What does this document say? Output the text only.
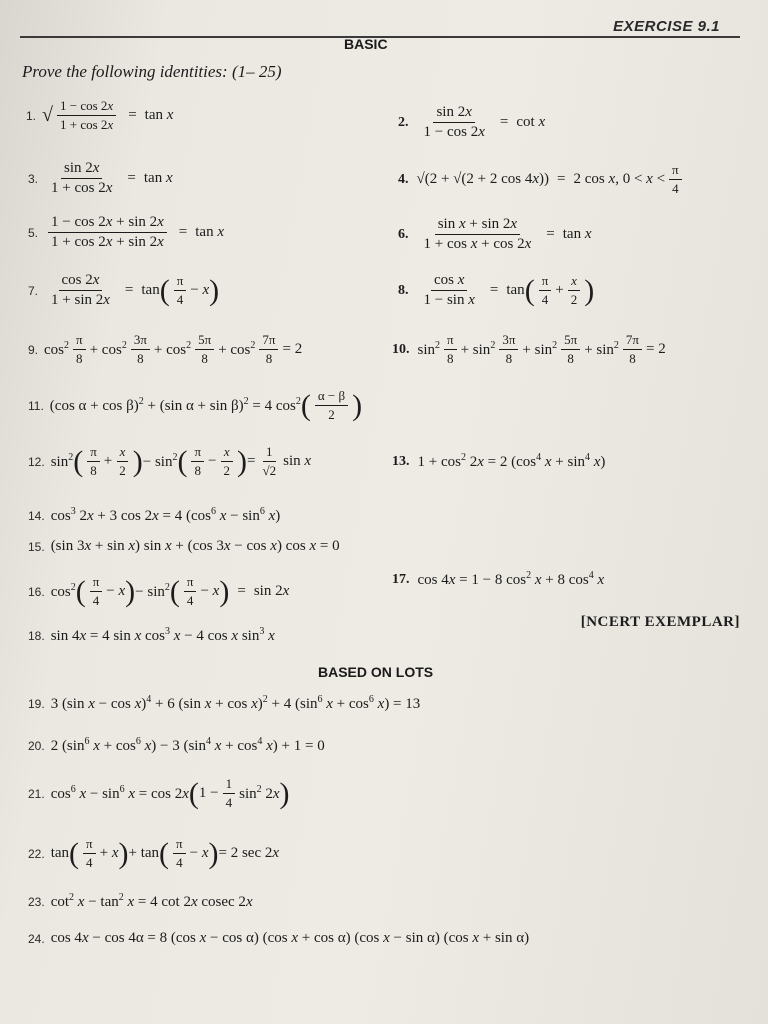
EXERCISE 9.1
BASIC
Prove the following identities: (1– 25)
1. √ $\frac{1 - \cos 2x}{1 + \cos 2x} = \tan x$	2. $\frac{\sin 2x}{1 - \cos 2x} = \cot x$
3. $\frac{\sin 2x}{1 + \cos 2x} = \tan x$	4. √(2 + √(2 + 2 cos 4x)) = 2 cos x, $0 < x < \frac{\pi}{4}$
5. $\frac{1 - \cos 2x + \sin 2x}{1 + \cos 2x + \sin 2x} = \tan x$	6. $\frac{\text{sin x + sin 2x}}{\text{1 + cos x + cos 2x}} = \tan x$
7. $\frac{\cos 2x}{1 + \sin 2x} = \tan$ ( $\frac{\pi}{4} - x$ )	8. $\frac{\text{cos x}}{\text{1 − sin x}} = \tan$ ( $\frac{\pi}{4} + \frac{x}{2}$ )
9. $\cos^2 \frac{\pi}{8} + \cos^2 \frac{3\pi}{8} + \cos^2 \frac{5\pi}{8} + \cos^2 \frac{7\pi}{8} = 2$	10. $\sin^2 \frac{\pi}{8} + \sin^2 \frac{3\pi}{8} + \sin^2 \frac{5\pi}{8} + \sin^2 \frac{7\pi}{8} = 2$
11. (cos α + cos β)$^2$ + (sin α + sin β)$^2$ = 4 $\cos^2$ ( $\frac{\alpha - \beta}{2}$ )
12. $\sin^2$ ( $\frac{\pi}{8} + \frac{x}{2}$ ) − $\sin^2$ ( $\frac{\pi}{8} - \frac{x}{2}$ ) = $\frac{1}{√2}$ sin x	13. $1 + \cos^2 2x = 2$ ($\cos^4$ $x + \sin^4 x$)
14. $\cos^3 2x + 3$ cos 2x = 4 ($\cos^6$ $x - \sin^6 x$)
15. (sin 3x + sin x) sin x + (cos 3x − cos x) cos x = 0
16. $\cos^2$ ( $\frac{\pi}{4} - x$ ) − $\sin^2$ ( $\frac{\pi}{4} - x$ ) = sin 2x
17. cos 4x = 1 − 8 $\cos^2 x + 8$ $\cos^4 x$
18. sin 4x = 4 sin x $\cos^3 x - 4$ cos x $\sin^3 x$
[NCERT EXEMPLAR]
BASED ON LOTS
19. 3 (sin x − cos x)$^4$ + 6 (sin x + cos x)$^2$ + 4 ($\sin^6$ $x + \cos^6 x) = 13$
20. 2 ($\sin^6$ $x + \cos^6 x) - 3$ ($\sin^4$ $x + \cos^4 x) + 1 = 0$
21. $\cos^6 x - \sin^6 x = \cos 2x$ ( $1 - \frac{1}{4} \sin^2 2x$ )
22. tan ( $\frac{\pi}{4} + x$ ) + tan ( $\frac{\pi}{4} - x$ ) = 2 sec 2x
23. $\cot^2 x - \tan^2 x = 4$ cot 2x cosec 2x
24. cos 4x − cos 4α = 8 (cos x − cos α) (cos x + cos α) (cos x − sin α) (cos x + sin α)
